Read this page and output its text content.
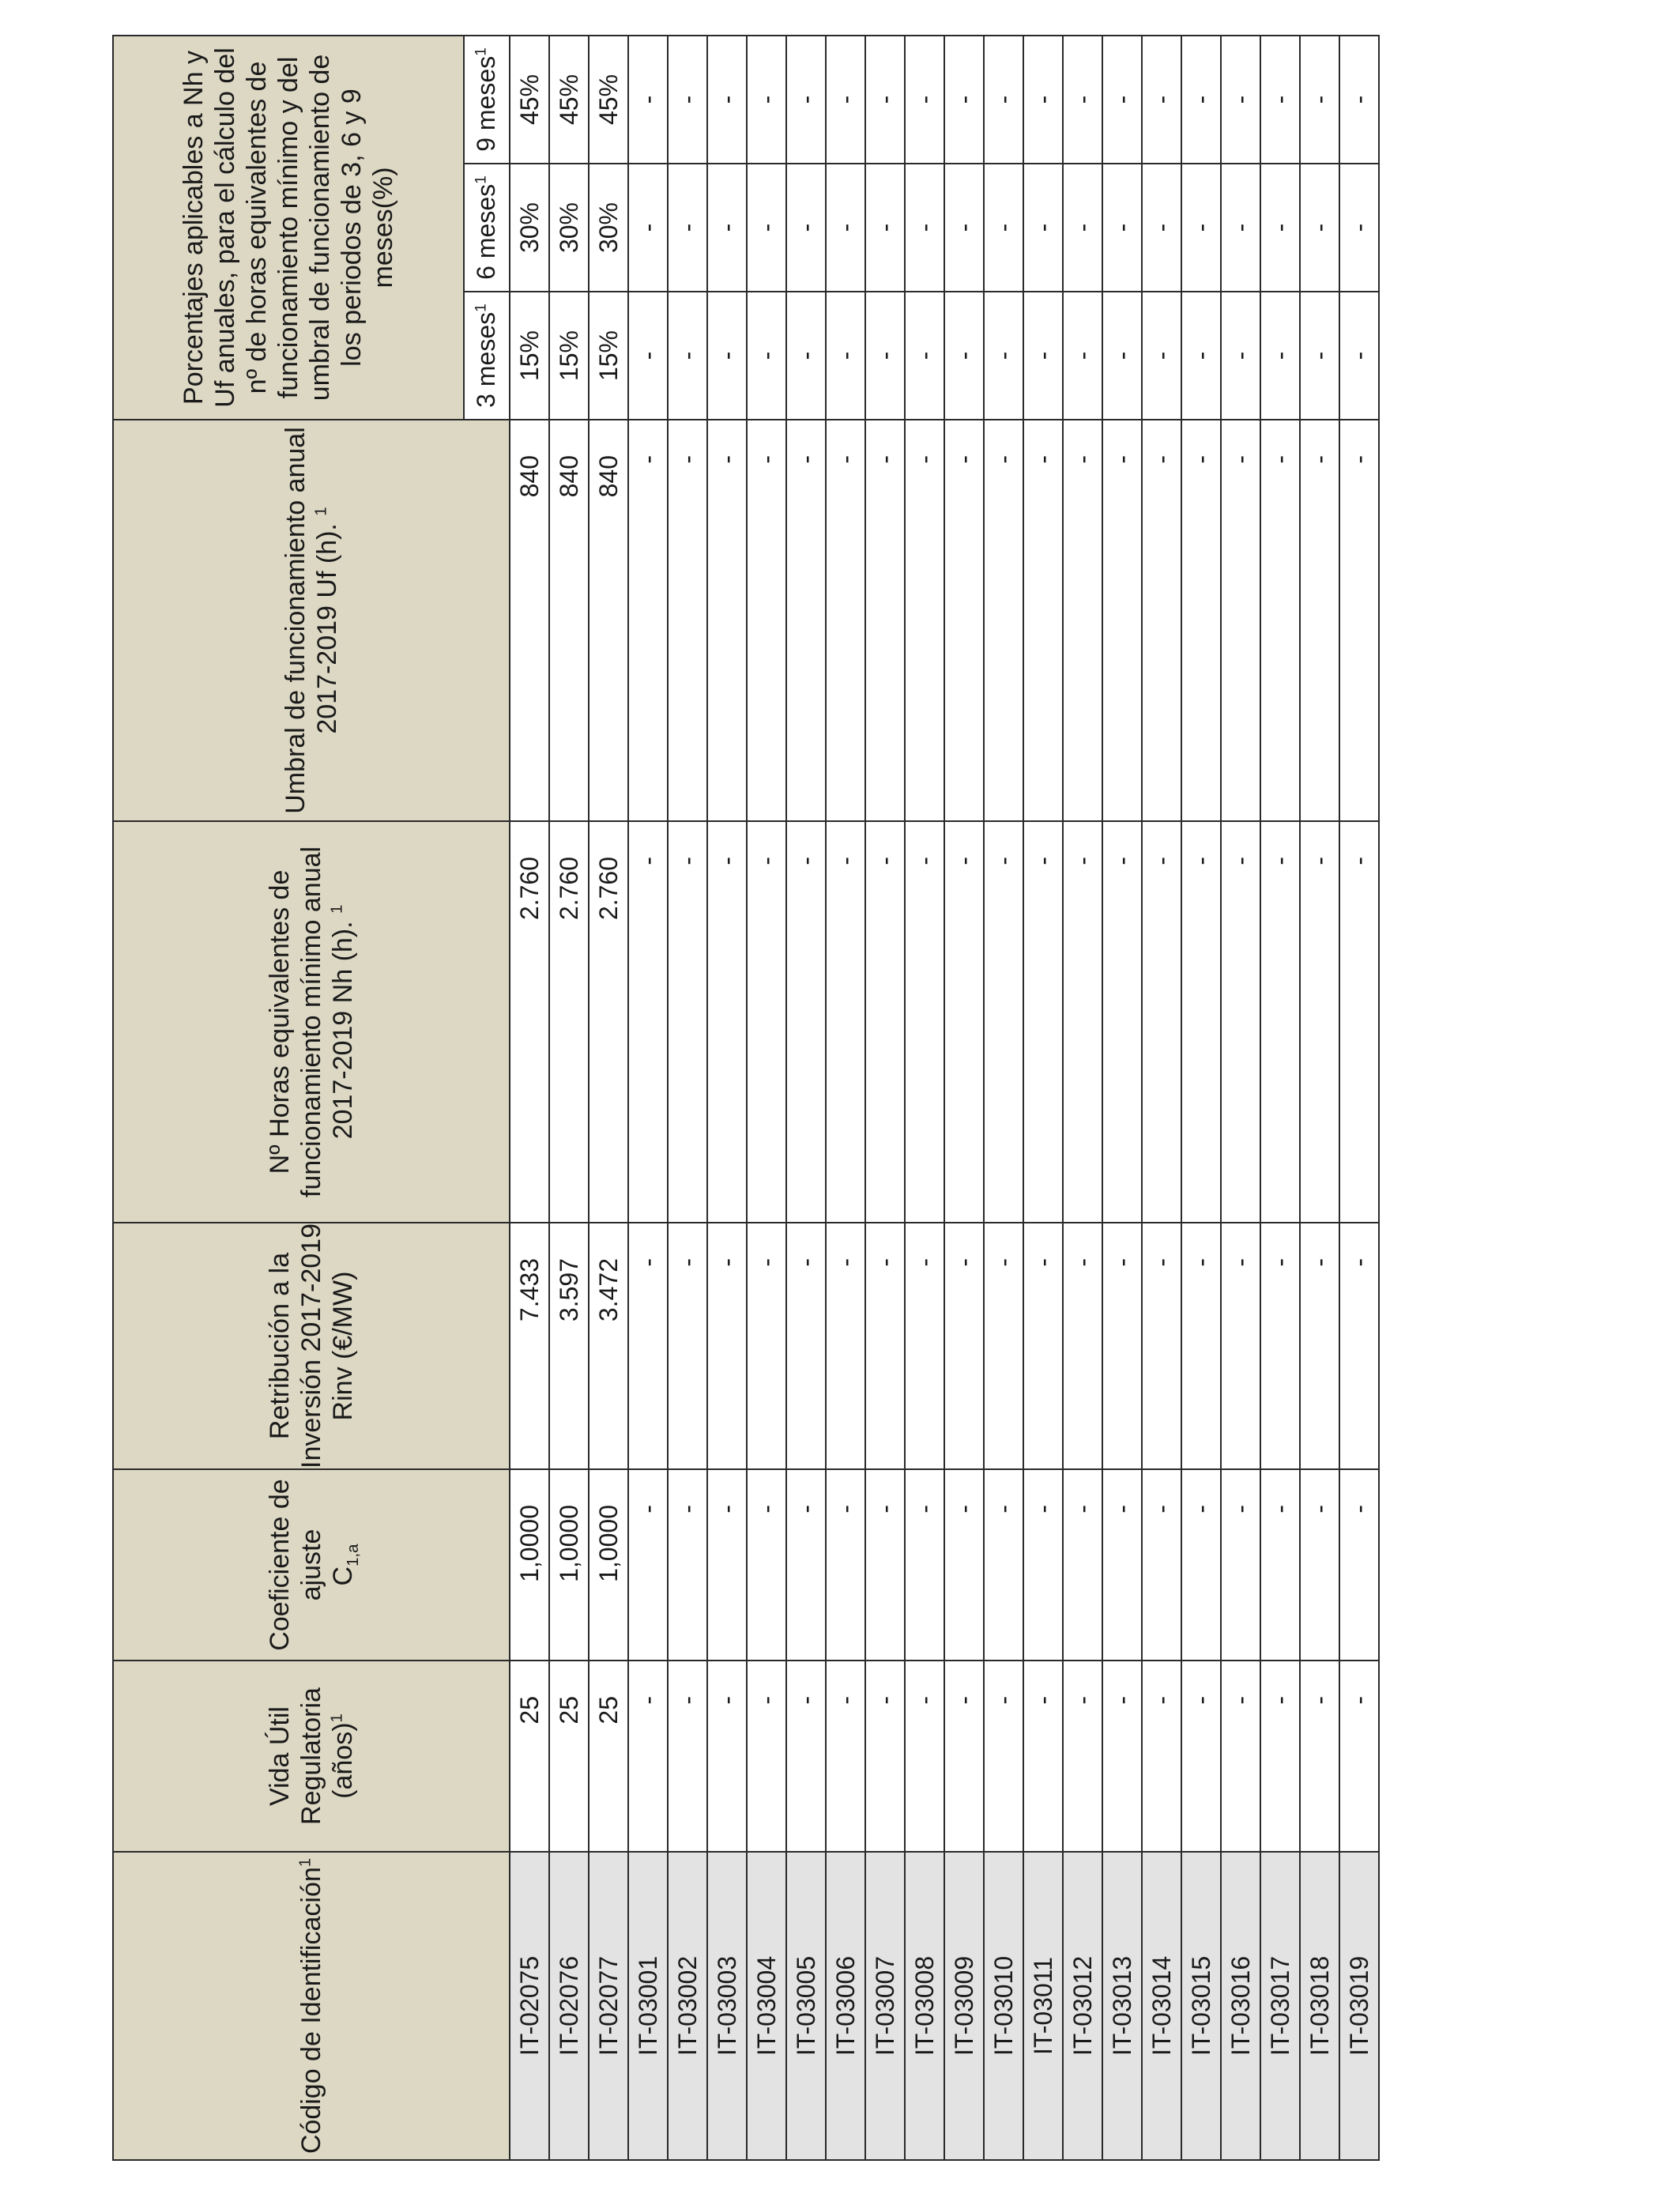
Código de Identificación$^1$	Vida Útil Regulatoria (años)$^1$	Coeficiente de ajuste $C_{1,a}$	Retribución a la Inversión 2017-2019 Rinv (€/MW)	Nº Horas equivalentes de funcionamiento mínimo anual 2017-2019 Nh (h). $^1$	Umbral de funcionamiento anual 2017-2019 Uf (h). $^1$	Porcentajes aplicables a Nh y Uf anuales, para el cálculo del nº de horas equivalentes de funcionamiento mínimo y del umbral de funcionamiento de los periodos de 3, 6 y 9 meses(%)		
						3 meses$^1$	6 meses$^1$	9 meses$^1$
IT-02075	25	1,0000	7.433	2.760	840	15%	30%	45%
IT-02076	25	1,0000	3.597	2.760	840	15%	30%	45%
IT-02077	25	1,0000	3.472	2.760	840	15%	30%	45%
IT-03001	-	-	-	-	-	-	-	-
IT-03002	-	-	-	-	-	-	-	-
IT-03003	-	-	-	-	-	-	-	-
IT-03004	-	-	-	-	-	-	-	-
IT-03005	-	-	-	-	-	-	-	-
IT-03006	-	-	-	-	-	-	-	-
IT-03007	-	-	-	-	-	-	-	-
IT-03008	-	-	-	-	-	-	-	-
IT-03009	-	-	-	-	-	-	-	-
IT-03010	-	-	-	-	-	-	-	-
IT-03011	-	-	-	-	-	-	-	-
IT-03012	-	-	-	-	-	-	-	-
IT-03013	-	-	-	-	-	-	-	-
IT-03014	-	-	-	-	-	-	-	-
IT-03015	-	-	-	-	-	-	-	-
IT-03016	-	-	-	-	-	-	-	-
IT-03017	-	-	-	-	-	-	-	-
IT-03018	-	-	-	-	-	-	-	-
IT-03019	-	-	-	-	-	-	-	-
